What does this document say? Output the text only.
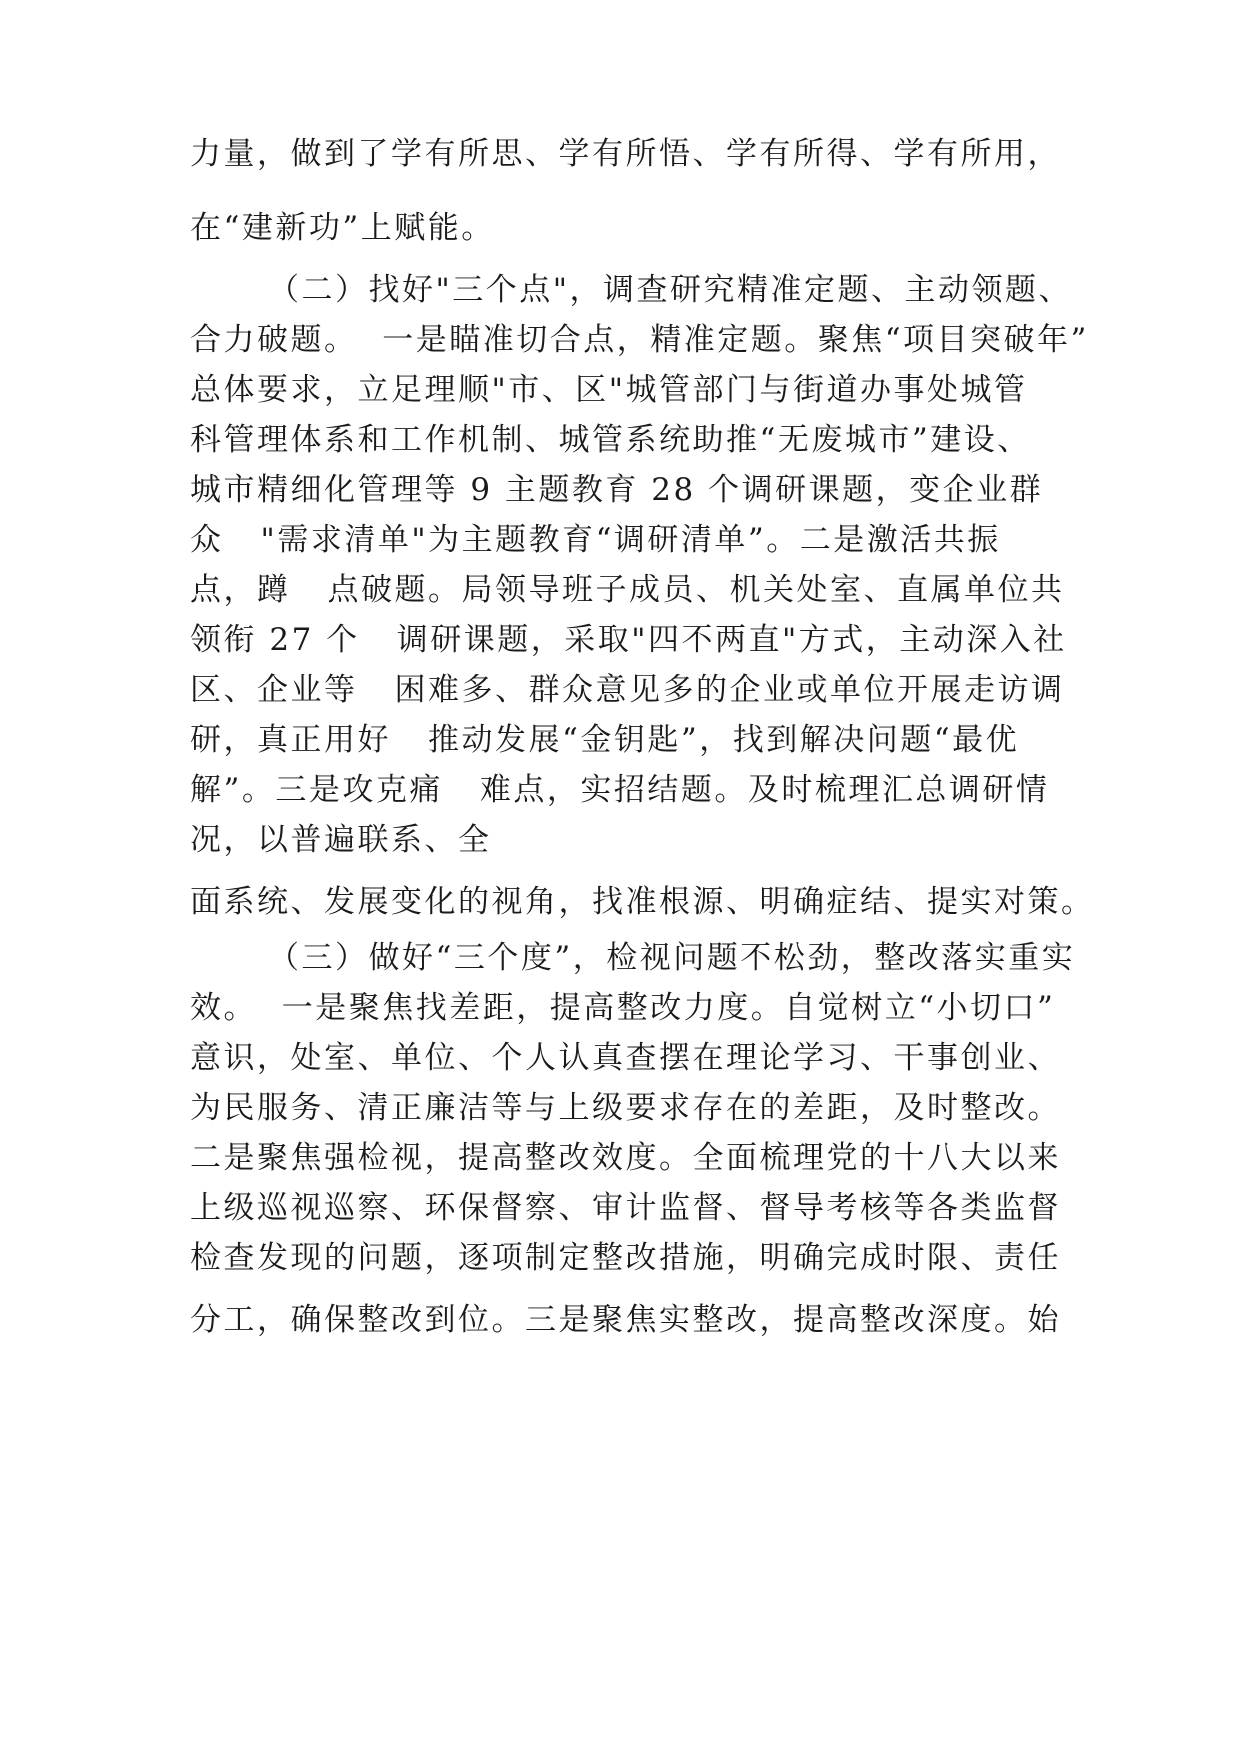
力量，做到了学有所思、学有所悟、学有所得、学有所用，
在“建新功”上赋能。
（二）找好"三个点"，调查研究精准定题、主动领题、
合力破题。  一是瞄准切合点，精准定题。聚焦“项目突破年”
总体要求，立足理顺"市、区"城管部门与街道办事处城管
科管理体系和工作机制、城管系统助推“无废城市”建设、
城市精细化管理等 9 主题教育 28 个调研课题，变企业群
众   "需求清单"为主题教育“调研清单”。二是激活共振
点，蹲   点破题。局领导班子成员、机关处室、直属单位共
领衔 27 个   调研课题，采取"四不两直"方式，主动深入社
区、企业等   困难多、群众意见多的企业或单位开展走访调
研，真正用好   推动发展“金钥匙”，找到解决问题“最优
解”。三是攻克痛   难点，实招结题。及时梳理汇总调研情
况，以普遍联系、全
面系统、发展变化的视角，找准根源、明确症结、提实对策。
（三）做好“三个度”，检视问题不松劲，整改落实重实
效。  一是聚焦找差距，提高整改力度。自觉树立“小切口”
意识，处室、单位、个人认真查摆在理论学习、干事创业、
为民服务、清正廉洁等与上级要求存在的差距，及时整改。
二是聚焦强检视，提高整改效度。全面梳理党的十八大以来
上级巡视巡察、环保督察、审计监督、督导考核等各类监督
检查发现的问题，逐项制定整改措施，明确完成时限、责任
分工，确保整改到位。三是聚焦实整改，提高整改深度。始
